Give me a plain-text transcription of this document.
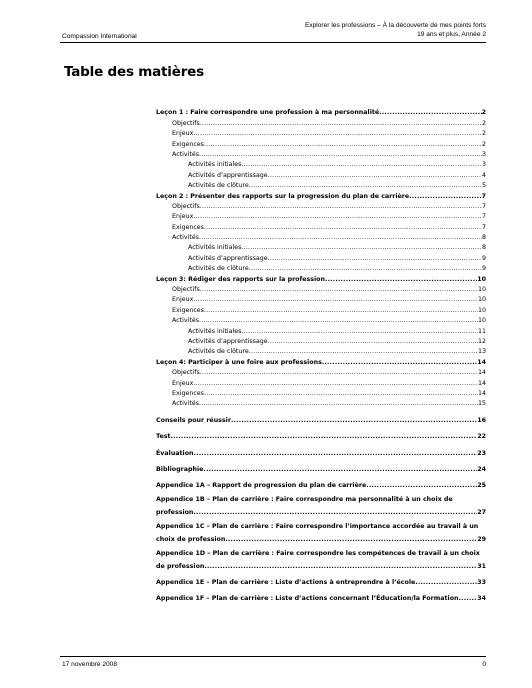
Compassion International
Explorer les professions – À la découverte de mes points forts
19 ans et plus, Année 2
Table des matières
Leçon 1 : Faire correspondre une profession à ma personnalité .....	2
Objectifs .....	2
Enjeux .....	2
Exigences .....	2
Activités .....	3
Activités initiales .....	3
Activités d’apprentissage .....	4
Activités de clôture .....	5
Leçon 2 : Présenter des rapports sur la progression du plan de carrière .....	7
Objectifs .....	7
Enjeux .....	7
Exigences .....	7
Activités .....	8
Activités initiales .....	8
Activités d’apprentissage .....	9
Activités de clôture .....	9
Leçon 3: Rédiger des rapports sur la profession .....	10
Objectifs .....	10
Enjeux .....	10
Exigences .....	10
Activités .....	10
Activités initiales .....	11
Activités d’apprentissage .....	12
Activités de clôture .....	13
Leçon 4: Participer à une foire aux professions .....	14
Objectifs .....	14
Enjeux .....	14
Exigences .....	14
Activités .....	15
Conseils pour réussir .....	16
Test .....	22
Évaluation .....	23
Bibliographie .....	24
Appendice 1A – Rapport de progression du plan de carrière .....	25
Appendice 1B – Plan de carrière : Faire correspondre ma personnalité à un choix de
profession .....	27
Appendice 1C – Plan de carrière : Faire correspondre l’importance accordée au travail à un
choix de profession .....	29
Appendice 1D – Plan de carrière : Faire correspondre les compétences de travail à un choix
de profession .....	31
Appendice 1E – Plan de carrière : Liste d’actions à entreprendre à l’école .....	33
Appendice 1F – Plan de carrière : Liste d’actions concernant l’Éducation/la Formation .....	34
17 novembre 2008	0
